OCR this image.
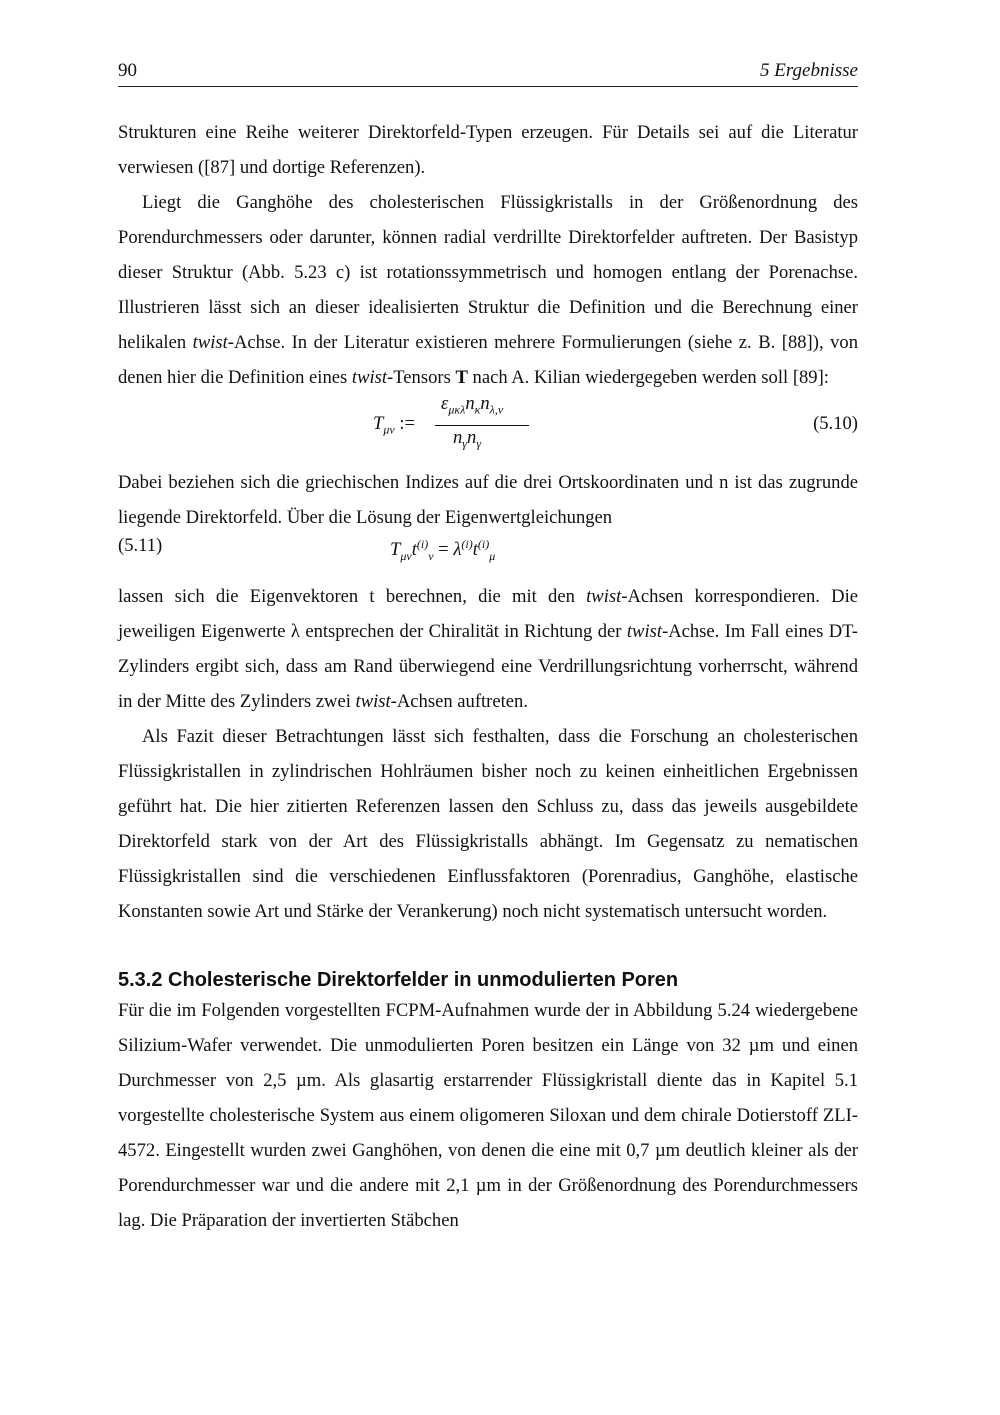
90	5 Ergebnisse

Strukturen eine Reihe weiterer Direktorfeld-Typen erzeugen. Für Details sei auf die Literatur verwiesen ([87] und dortige Referenzen).

Liegt die Ganghöhe des cholesterischen Flüssigkristalls in der Größenordnung des Porendurchmessers oder darunter, können radial verdrillte Direktorfelder auftreten. Der Basistyp dieser Struktur (Abb. 5.23 c) ist rotationssymmetrisch und homogen entlang der Porenachse. Illustrieren lässt sich an dieser idealisierten Struktur die Definition und die Berechnung einer helikalen twist-Achse. In der Literatur existieren mehrere Formulierungen (siehe z. B. [88]), von denen hier die Definition eines twist-Tensors T nach A. Kilian wiedergegeben werden soll [89]:

$T_{\mu\nu}$ :=
$\varepsilon_{\mu\kappa\lambda}n_\kappa n_{\lambda,\nu}$
$n_\gamma n_\gamma$
(5.10)

Dabei beziehen sich die griechischen Indizes auf die drei Ortskoordinaten und n ist das zugrunde liegende Direktorfeld. Über die Lösung der Eigenwertgleichungen

$T_{\mu\nu}t^{(i)}_\nu = \lambda^{(i)}t^{(i)}_\mu$
(5.11)

lassen sich die Eigenvektoren t berechnen, die mit den twist-Achsen korrespondieren. Die jeweiligen Eigenwerte λ entsprechen der Chiralität in Richtung der twist-Achse. Im Fall eines DT-Zylinders ergibt sich, dass am Rand überwiegend eine Verdrillungsrichtung vorherrscht, während in der Mitte des Zylinders zwei twist-Achsen auftreten.

Als Fazit dieser Betrachtungen lässt sich festhalten, dass die Forschung an cholesterischen Flüssigkristallen in zylindrischen Hohlräumen bisher noch zu keinen einheitlichen Ergebnissen geführt hat. Die hier zitierten Referenzen lassen den Schluss zu, dass das jeweils ausgebildete Direktorfeld stark von der Art des Flüssigkristalls abhängt. Im Gegensatz zu nematischen Flüssigkristallen sind die verschiedenen Einflussfaktoren (Porenradius, Ganghöhe, elastische Konstanten sowie Art und Stärke der Verankerung) noch nicht systematisch untersucht worden.

5.3.2 Cholesterische Direktorfelder in unmodulierten Poren

Für die im Folgenden vorgestellten FCPM-Aufnahmen wurde der in Abbildung 5.24 wiedergebene Silizium-Wafer verwendet. Die unmodulierten Poren besitzen ein Länge von 32 µm und einen Durchmesser von 2,5 µm. Als glasartig erstarrender Flüssigkristall diente das in Kapitel 5.1 vorgestellte cholesterische System aus einem oligomeren Siloxan und dem chirale Dotierstoff ZLI-4572. Eingestellt wurden zwei Ganghöhen, von denen die eine mit 0,7 µm deutlich kleiner als der Porendurchmesser war und die andere mit 2,1 µm in der Größenordnung des Porendurchmessers lag. Die Präparation der invertierten Stäbchen
